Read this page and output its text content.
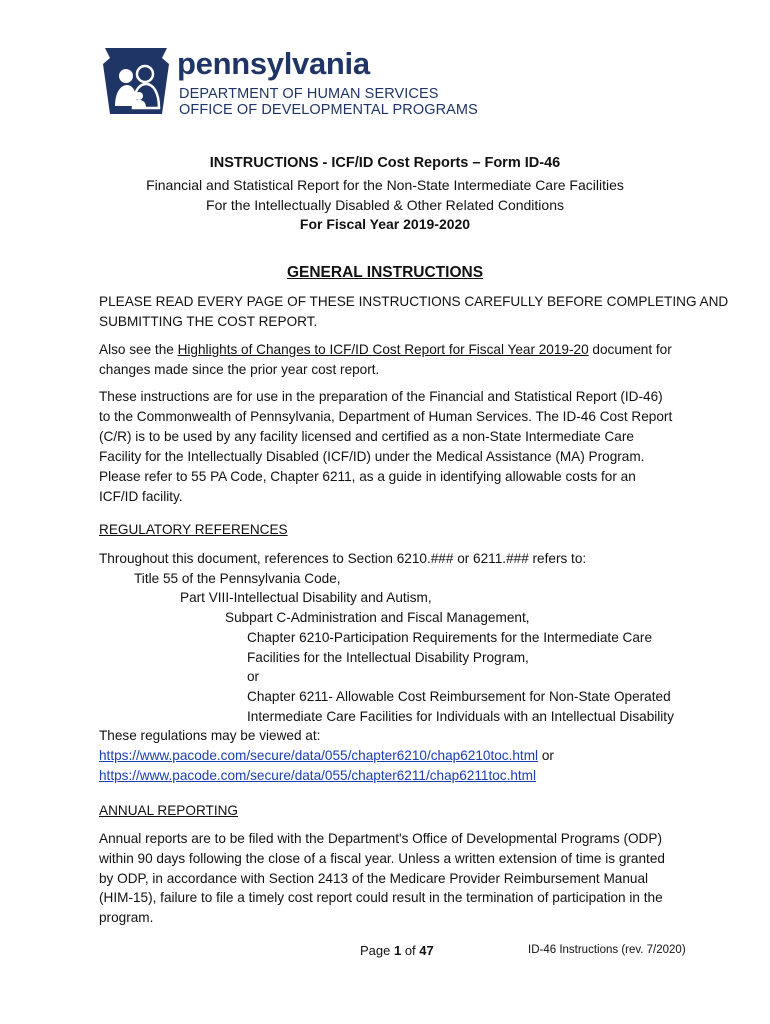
pennsylvania
DEPARTMENT OF HUMAN SERVICES
OFFICE OF DEVELOPMENTAL PROGRAMS
INSTRUCTIONS - ICF/ID Cost Reports – Form ID-46
Financial and Statistical Report for the Non-State Intermediate Care Facilities
For the Intellectually Disabled & Other Related Conditions
For Fiscal Year 2019-2020
GENERAL INSTRUCTIONS
PLEASE READ EVERY PAGE OF THESE INSTRUCTIONS CAREFULLY BEFORE COMPLETING AND
SUBMITTING THE COST REPORT.
Also see the Highlights of Changes to ICF/ID Cost Report for Fiscal Year 2019-20 document for
changes made since the prior year cost report.
These instructions are for use in the preparation of the Financial and Statistical Report (ID-46)
to the Commonwealth of Pennsylvania, Department of Human Services. The ID-46 Cost Report
(C/R) is to be used by any facility licensed and certified as a non-State Intermediate Care
Facility for the Intellectually Disabled (ICF/ID) under the Medical Assistance (MA) Program.
Please refer to 55 PA Code, Chapter 6211, as a guide in identifying allowable costs for an
ICF/ID facility.
REGULATORY REFERENCES
Throughout this document, references to Section 6210.### or 6211.### refers to:
Title 55 of the Pennsylvania Code,
Part VIII-Intellectual Disability and Autism,
Subpart C-Administration and Fiscal Management,
Chapter 6210-Participation Requirements for the Intermediate Care
Facilities for the Intellectual Disability Program,
or
Chapter 6211- Allowable Cost Reimbursement for Non-State Operated
Intermediate Care Facilities for Individuals with an Intellectual Disability
These regulations may be viewed at:
https://www.pacode.com/secure/data/055/chapter6210/chap6210toc.html or
https://www.pacode.com/secure/data/055/chapter6211/chap6211toc.html
ANNUAL REPORTING
Annual reports are to be filed with the Department's Office of Developmental Programs (ODP)
within 90 days following the close of a fiscal year. Unless a written extension of time is granted
by ODP, in accordance with Section 2413 of the Medicare Provider Reimbursement Manual
(HIM-15), failure to file a timely cost report could result in the termination of participation in the
program.
Page 1 of 47	ID-46 Instructions (rev. 7/2020)
